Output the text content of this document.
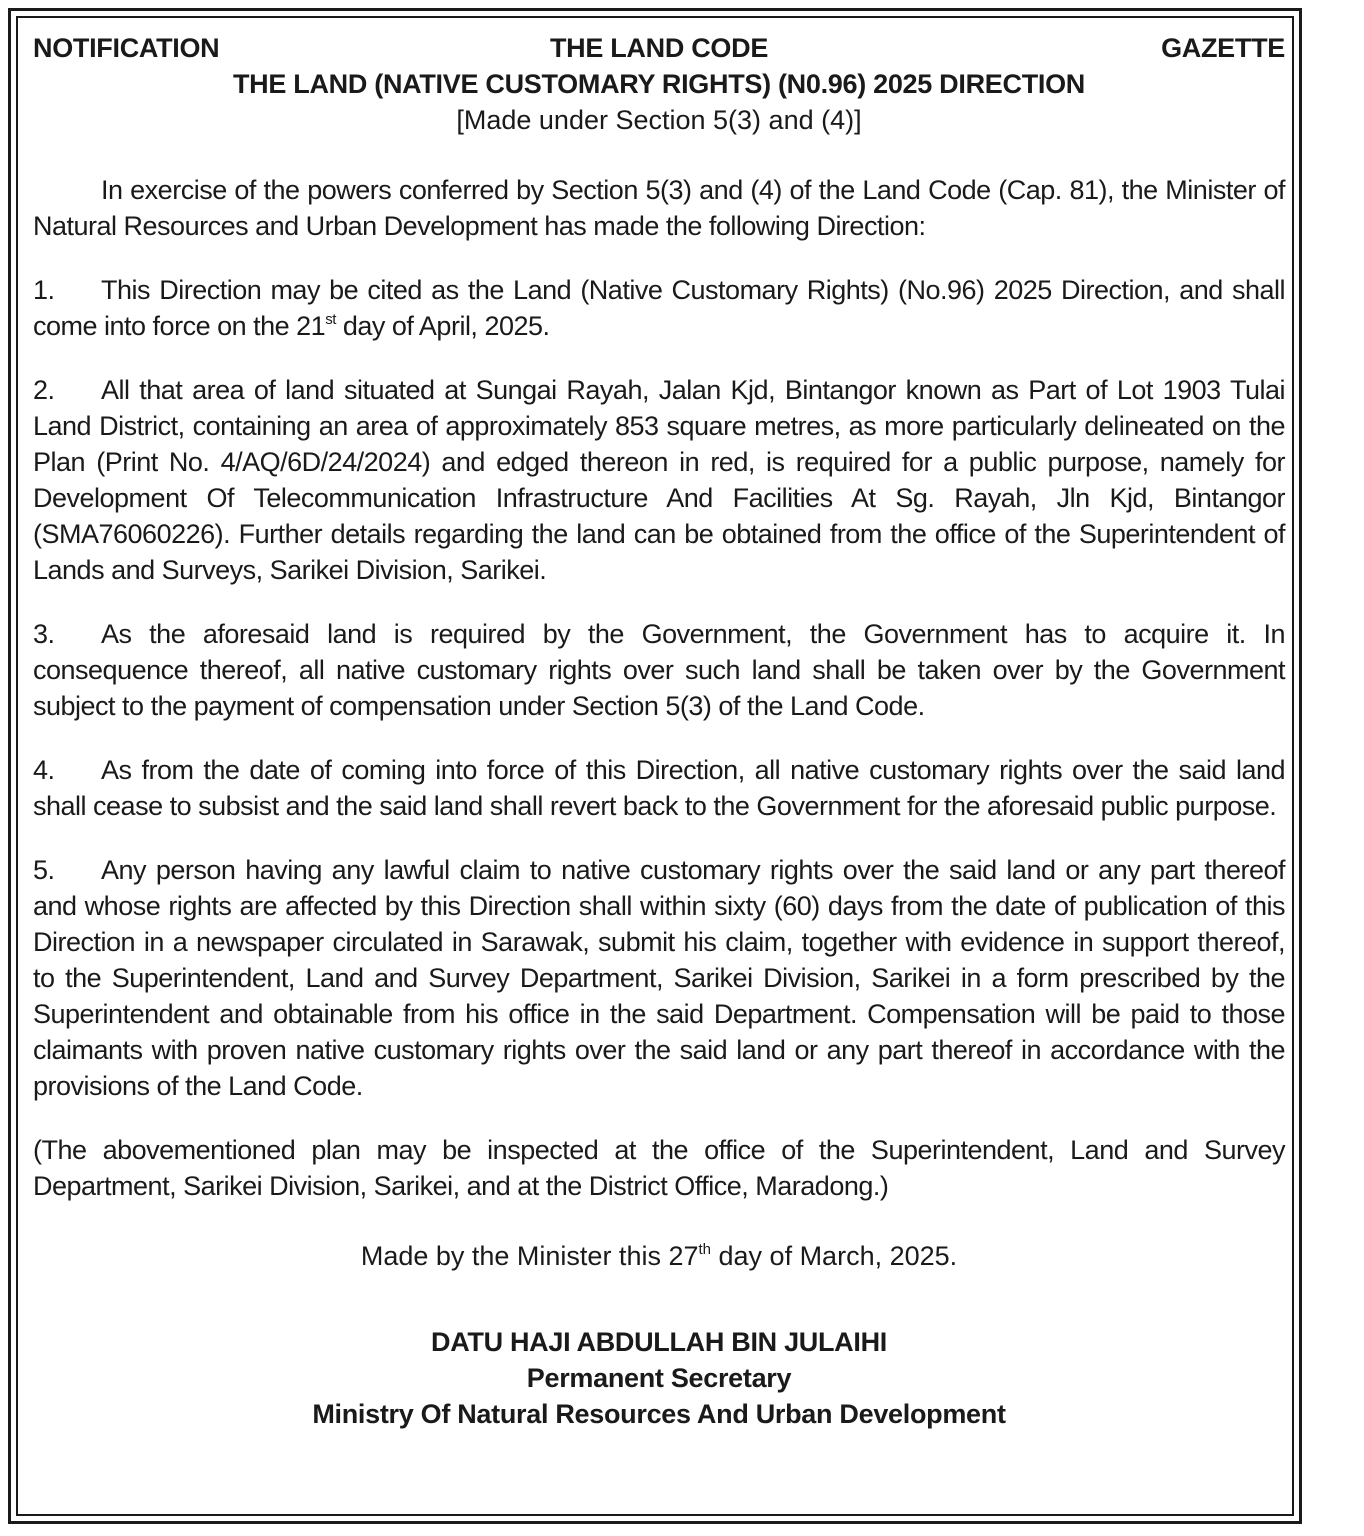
NOTIFICATION	GAZETTE

THE LAND CODE

THE LAND (NATIVE CUSTOMARY RIGHTS) (N0.96) 2025 DIRECTION

[Made under Section 5(3) and (4)]

In exercise of the powers conferred by Section 5(3) and (4) of the Land Code (Cap. 81), the Minister of Natural Resources and Urban Development has made the following Direction:

1. This Direction may be cited as the Land (Native Customary Rights) (No.96) 2025 Direction, and shall come into force on the 21st day of April, 2025.

2. All that area of land situated at Sungai Rayah, Jalan Kjd, Bintangor known as Part of Lot 1903 Tulai Land District, containing an area of approximately 853 square metres, as more particularly delineated on the Plan (Print No. 4/AQ/6D/24/2024) and edged thereon in red, is required for a public purpose, namely for Development Of Telecommunication Infrastructure And Facilities At Sg. Rayah, Jln Kjd, Bintangor (SMA76060226). Further details regarding the land can be obtained from the office of the Superintendent of Lands and Surveys, Sarikei Division, Sarikei.

3. As the aforesaid land is required by the Government, the Government has to acquire it. In consequence thereof, all native customary rights over such land shall be taken over by the Government subject to the payment of compensation under Section 5(3) of the Land Code.

4. As from the date of coming into force of this Direction, all native customary rights over the said land shall cease to subsist and the said land shall revert back to the Government for the aforesaid public purpose.

5. Any person having any lawful claim to native customary rights over the said land or any part thereof and whose rights are affected by this Direction shall within sixty (60) days from the date of publication of this Direction in a newspaper circulated in Sarawak, submit his claim, together with evidence in support thereof, to the Superintendent, Land and Survey Department, Sarikei Division, Sarikei in a form prescribed by the Superintendent and obtainable from his office in the said Department. Compensation will be paid to those claimants with proven native customary rights over the said land or any part thereof in accordance with the provisions of the Land Code.

(The abovementioned plan may be inspected at the office of the Superintendent, Land and Survey Department, Sarikei Division, Sarikei, and at the District Office, Maradong.)

Made by the Minister this 27th day of March, 2025.

DATU HAJI ABDULLAH BIN JULAIHI

Permanent Secretary

Ministry Of Natural Resources And Urban Development
